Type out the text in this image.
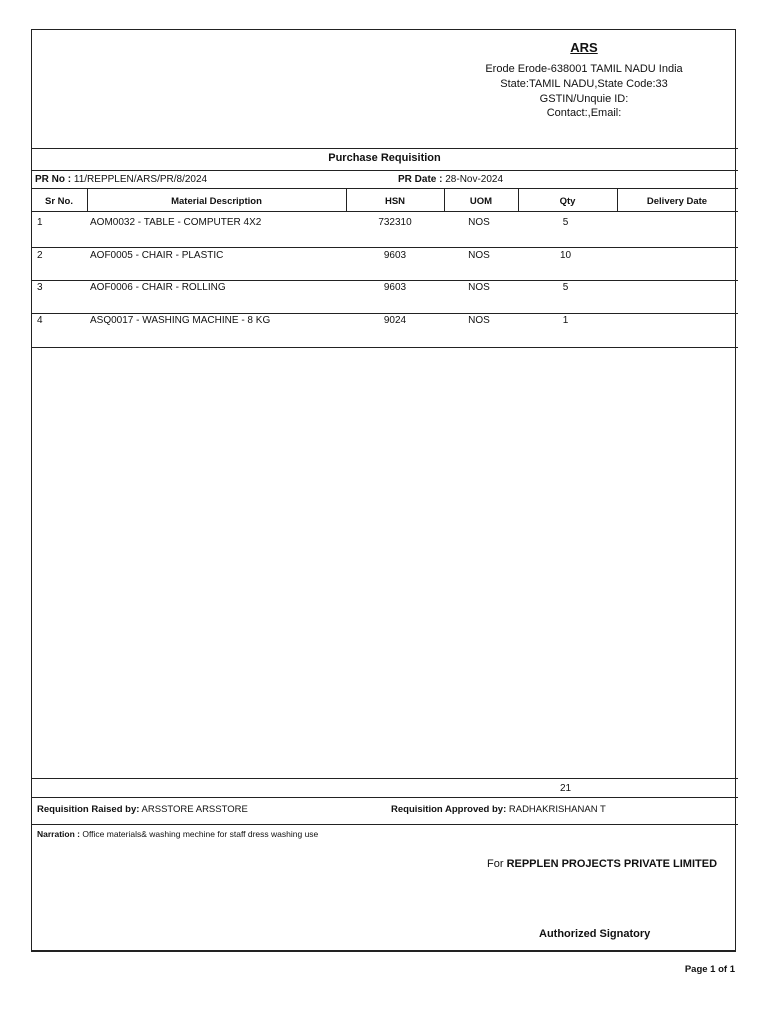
ARS
Erode Erode-638001 TAMIL NADU India
State:TAMIL NADU,State Code:33
GSTIN/Unquie ID:
Contact:,Email:
Purchase Requisition
PR No : 11/REPPLEN/ARS/PR/8/2024	PR Date : 28-Nov-2024
Sr No.	Material Description	HSN	UOM	Qty	Delivery Date
1	AOM0032 - TABLE - COMPUTER 4X2	732310	NOS	5
2	AOF0005 - CHAIR - PLASTIC	9603	NOS	10
3	AOF0006 - CHAIR - ROLLING	9603	NOS	5
4	ASQ0017 - WASHING MACHINE - 8 KG	9024	NOS	1
21
Requisition Raised by: ARSSTORE ARSSTORE	Requisition Approved by: RADHAKRISHANAN T
Narration : Office materials& washing mechine for staff dress washing use
For REPPLEN PROJECTS PRIVATE LIMITED
Authorized Signatory
Page 1 of 1
